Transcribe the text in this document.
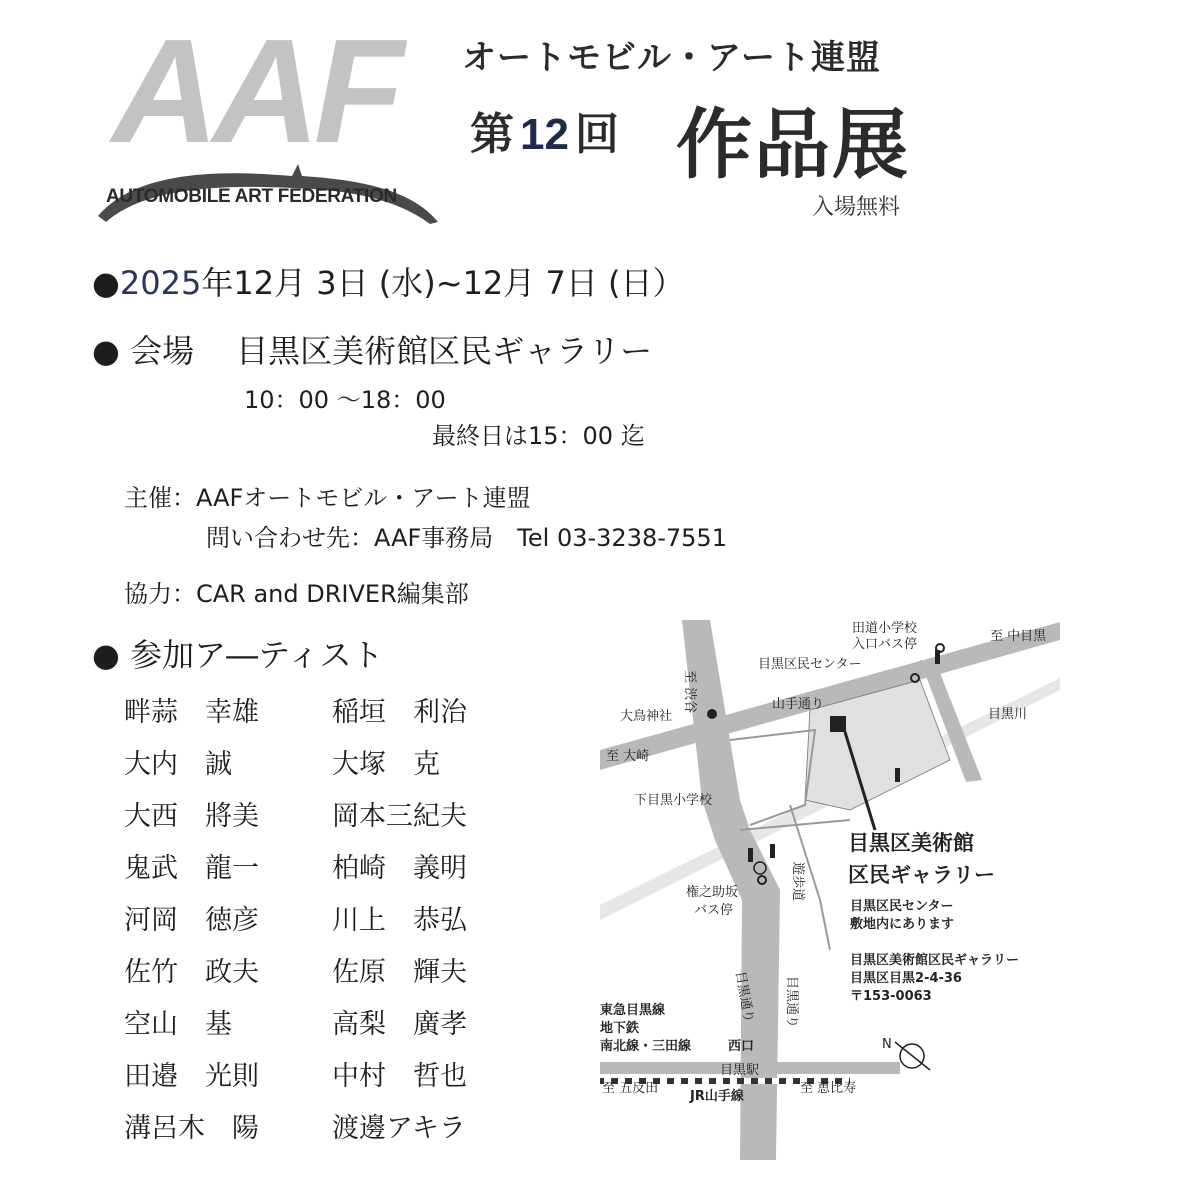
AAF
AUTOMOBILE ART FEDERATION
オートモビル・アート連盟
第 12 回 作品展
入場無料
●2025年12月 3日 (水)~12月 7日 (日）
● 会場 目黒区美術館区民ギャラリー
10：00 ～18：00
最終日は15：00 迄
主催：AAFオートモビル・アート連盟
問い合わせ先：AAF事務局　Tel 03-3238-7551
協力：CAR and DRIVER編集部
● 参加ア―ティスト
畔蒜　幸雄
大内　誠
大西　將美
鬼武　龍一
河岡　徳彦
佐竹　政夫
空山　基
田邉　光則
溝呂木　陽
稲垣　利治
大塚　克
岡本三紀夫
柏崎　義明
川上　恭弘
佐原　輝夫
高梨　廣孝
中村　哲也
渡邊アキラ
田道小学校
入口バス停
目黒区民センター
大鳥神社
山手通り
至 中目黒
至 渋谷
至 大崎
目黒川
下目黒小学校
遊歩道
権之助坂
バス停
目黒区美術館
区民ギャラリー
目黒区民センター
敷地内にあります
目黒区美術館区民ギャラリー
目黒区目黒2-4-36
〒153-0063
目黒通り
目黒通り
東急目黒線
地下鉄
南北線・三田線	西口
目黒駅
JR山手線
至 五反田	至 恵比寿
N
